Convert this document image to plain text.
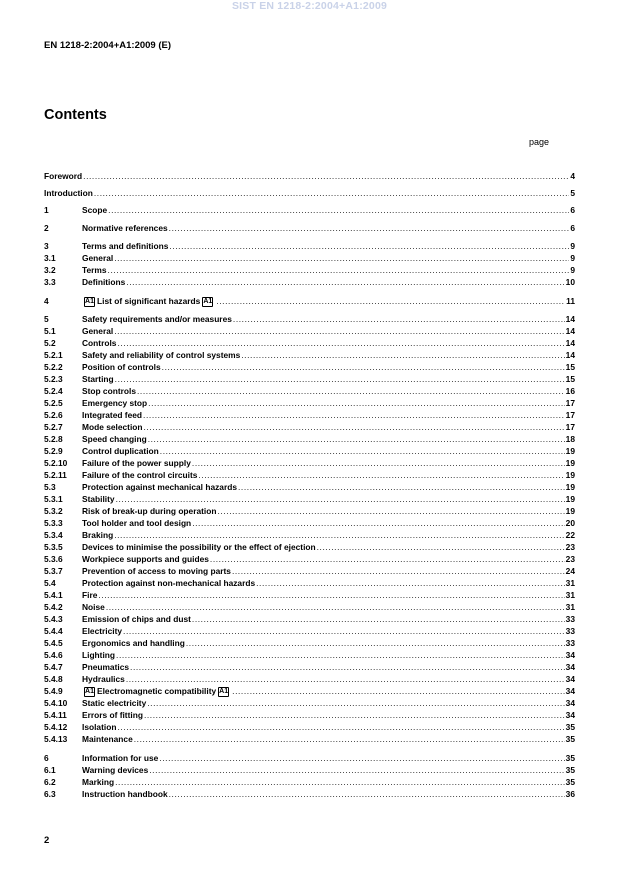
SIST EN 1218-2:2004+A1:2009
EN 1218-2:2004+A1:2009 (E)
Contents
page
Foreword .....	4
Introduction .....	5
1	Scope .....	6
2	Normative references .....	6
3	Terms and definitions .....	9
3.1	General .....	9
3.2	Terms .....	9
3.3	Definitions .....	10
4	A1 List of significant hazards A1 .....	11
5	Safety requirements and/or measures .....	14
5.1	General .....	14
5.2	Controls .....	14
5.2.1	Safety and reliability of control systems .....	14
5.2.2	Position of controls .....	15
5.2.3	Starting .....	15
5.2.4	Stop controls .....	16
5.2.5	Emergency stop .....	17
5.2.6	Integrated feed .....	17
5.2.7	Mode selection .....	17
5.2.8	Speed changing .....	18
5.2.9	Control duplication .....	19
5.2.10	Failure of the power supply .....	19
5.2.11	Failure of the control circuits .....	19
5.3	Protection against mechanical hazards .....	19
5.3.1	Stability .....	19
5.3.2	Risk of break-up during operation .....	19
5.3.3	Tool holder and tool design .....	20
5.3.4	Braking .....	22
5.3.5	Devices to minimise the possibility or the effect of ejection .....	23
5.3.6	Workpiece supports and guides .....	23
5.3.7	Prevention of access to moving parts .....	24
5.4	Protection against non-mechanical hazards .....	31
5.4.1	Fire .....	31
5.4.2	Noise .....	31
5.4.3	Emission of chips and dust .....	33
5.4.4	Electricity .....	33
5.4.5	Ergonomics and handling .....	33
5.4.6	Lighting .....	34
5.4.7	Pneumatics .....	34
5.4.8	Hydraulics .....	34
5.4.9	A1 Electromagnetic compatibility A1 .....	34
5.4.10	Static electricity .....	34
5.4.11	Errors of fitting .....	34
5.4.12	Isolation .....	35
5.4.13	Maintenance .....	35
6	Information for use .....	35
6.1	Warning devices .....	35
6.2	Marking .....	35
6.3	Instruction handbook .....	36
2
